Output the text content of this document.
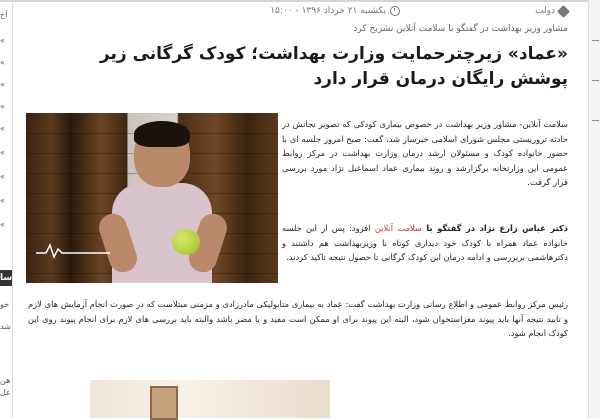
آخ
«
«
«
«
«
«
«
«
«
سا
خو
شد
هن
عل
دولت
یکشنبه ۲۱ خرداد ۱۳۹۶ - ۱۵:۰۰
مشاور وزیر بهداشت در گفتگو با سلامت آنلاین تشریح کرد
«عماد» زیرچترحمایت وزارت بهداشت؛ کودک گرگانی زیر پوشش رایگان درمان قرار دارد

سلامت آنلاین- مشاور وزیر بهداشت در خصوص بیماری کودکی که تصویر نجاتش در حادثه تروریستی مجلس شورای اسلامی خبرساز شد، گفت: صبح امروز جلسه ای با حضور خانواده کودک و مسئولان ارشد درمان وزارت بهداشت در مرکز روابط عمومی این وزارتخانه برگزارشد و روند بیماری عماد اسماعیل نژاد مورد بررسی قرار گرفت.

دکتر عباس زارع نژاد در گفتگو با سلامت آنلاین افزود: پس از این جلسه خانواده عماد همراه با کودک خود دیداری کوتاه با وزیربهداشت هم داشتند و دکترهاشمی بربررسی و ادامه درمان این کودک گرگانی تا حصول نتیجه تاکید کردند.

رئیس مرکز روابط عمومی و اطلاع رسانی وزارت بهداشت گفت: عماد به بیماری متابولیکی مادرزادی و مزمنی مبتلاست که در صورت انجام آزمایش های لازم و تایید نتیجه آنها باید پیوند مغزاستخوان شود، البته این پیوند برای او ممکن است مفید و یا مضر باشد والبته باید بررسی های لازم برای انجام پیوند روی این کودک انجام شود.
